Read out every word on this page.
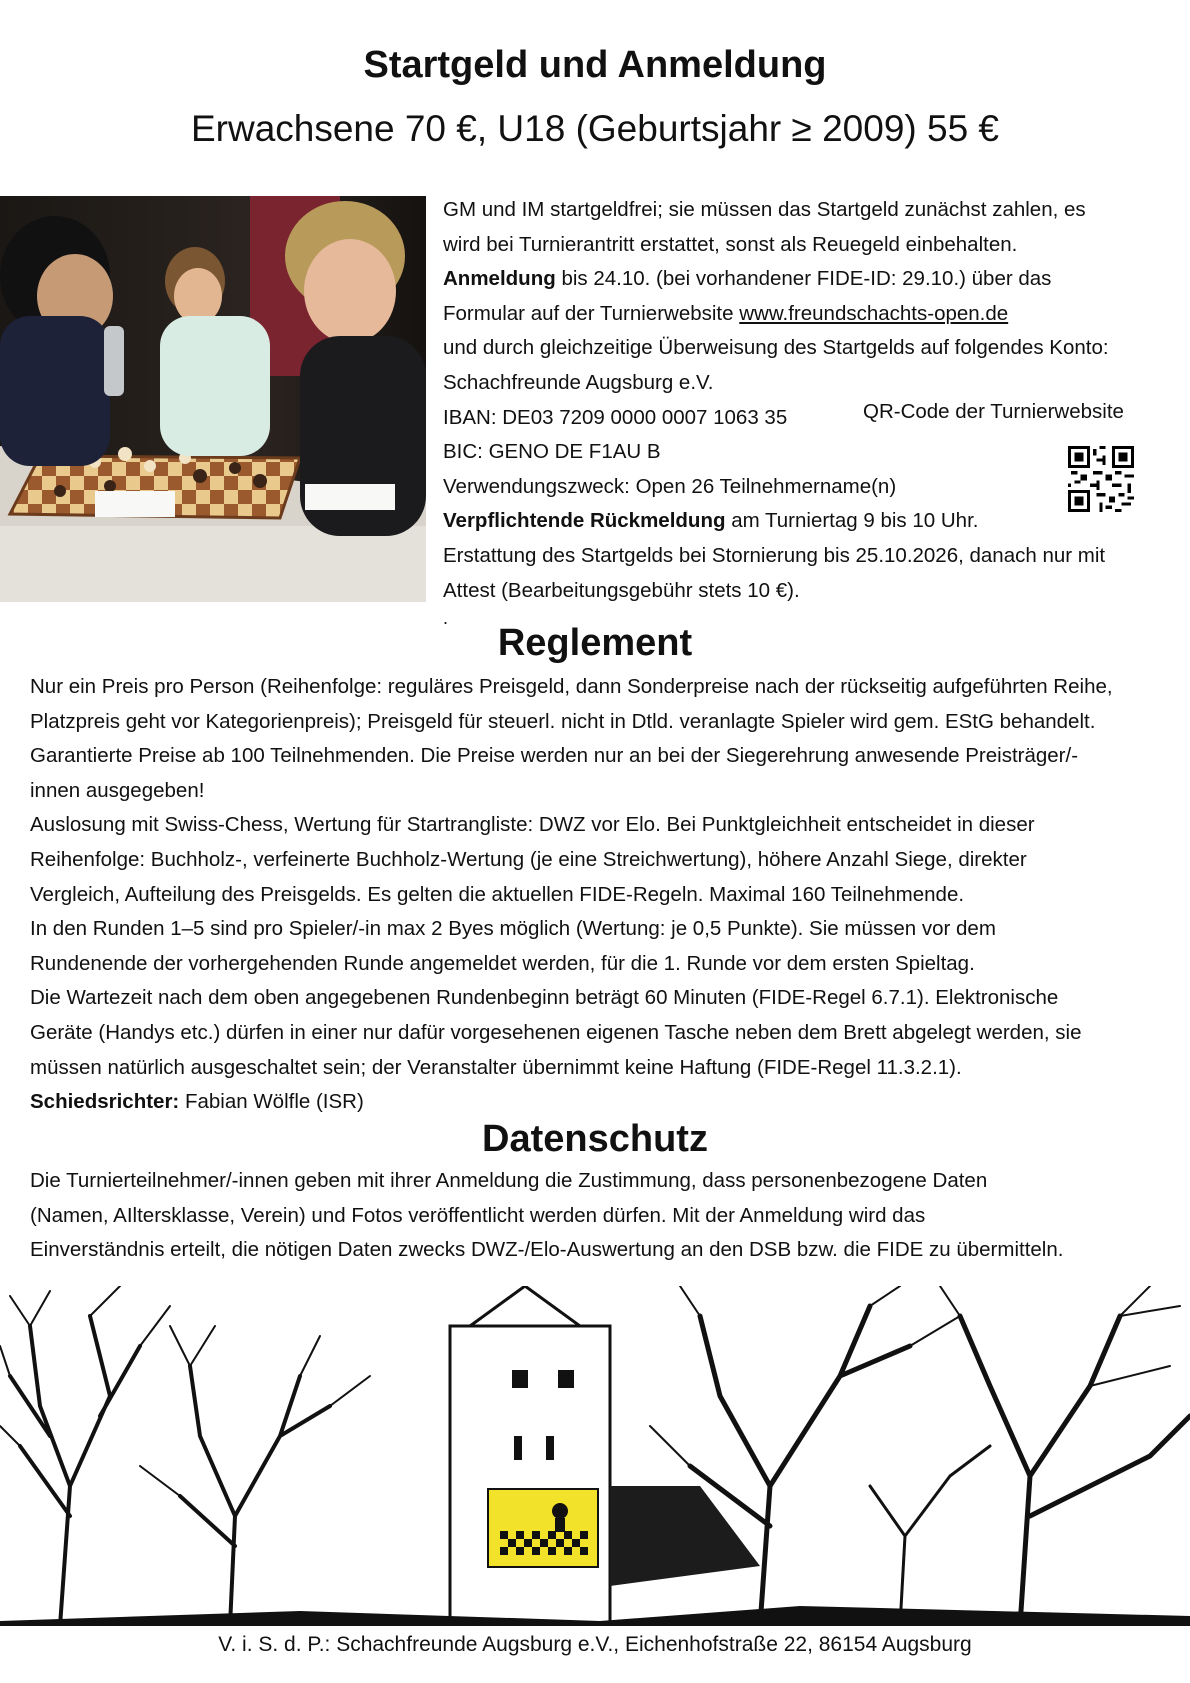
Startgeld und Anmeldung
Erwachsene 70 €, U18 (Geburtsjahr ≥ 2009) 55 €
GM und IM startgeldfrei; sie müssen das Startgeld zunächst zahlen, es
wird bei Turnierantritt erstattet, sonst als Reuegeld einbehalten.
Anmeldung bis 24.10. (bei vorhandener FIDE-ID: 29.10.) über das
Formular auf der Turnierwebsite www.freundschachts-open.de
und durch gleichzeitige Überweisung des Startgelds auf folgendes Konto:
Schachfreunde Augsburg e.V.
IBAN: DE03 7209 0000 0007 1063 35
BIC: GENO DE F1AU B
Verwendungszweck: Open 26 Teilnehmername(n)
Verpflichtende Rückmeldung am Turniertag 9 bis 10 Uhr.
Erstattung des Startgelds bei Stornierung bis 25.10.2026, danach nur mit
Attest (Bearbeitungsgebühr stets 10 €).
QR-Code der Turnierwebsite
.
Reglement
Nur ein Preis pro Person (Reihenfolge: reguläres Preisgeld, dann Sonderpreise nach der rückseitig aufgeführten Reihe,
Platzpreis geht vor Kategorienpreis); Preisgeld für steuerl. nicht in Dtld. veranlagte Spieler wird gem. EStG behandelt.
Garantierte Preise ab 100 Teilnehmenden. Die Preise werden nur an bei der Siegerehrung anwesende Preisträger/-
innen ausgegeben!
Auslosung mit Swiss-Chess, Wertung für Startrangliste: DWZ vor Elo. Bei Punktgleichheit entscheidet in dieser
Reihenfolge: Buchholz-, verfeinerte Buchholz-Wertung (je eine Streichwertung), höhere Anzahl Siege, direkter
Vergleich, Aufteilung des Preisgelds. Es gelten die aktuellen FIDE-Regeln. Maximal 160 Teilnehmende.
In den Runden 1–5 sind pro Spieler/-in max 2 Byes möglich (Wertung: je 0,5 Punkte). Sie müssen vor dem
Rundenende der vorhergehenden Runde angemeldet werden, für die 1. Runde vor dem ersten Spieltag.
Die Wartezeit nach dem oben angegebenen Rundenbeginn beträgt 60 Minuten (FIDE-Regel 6.7.1). Elektronische
Geräte (Handys etc.) dürfen in einer nur dafür vorgesehenen eigenen Tasche neben dem Brett abgelegt werden, sie
müssen natürlich ausgeschaltet sein; der Veranstalter übernimmt keine Haftung (FIDE-Regel 11.3.2.1).
Schiedsrichter: Fabian Wölfle (ISR)
Datenschutz
Die Turnierteilnehmer/-innen geben mit ihrer Anmeldung die Zustimmung, dass personenbezogene Daten
(Namen, AIltersklasse, Verein) und Fotos veröffentlicht werden dürfen. Mit der Anmeldung wird das
Einverständnis erteilt, die nötigen Daten zwecks DWZ-/Elo-Auswertung an den DSB bzw. die FIDE zu übermitteln.
V. i. S. d. P.: Schachfreunde Augsburg e.V., Eichenhofstraße 22, 86154 Augsburg
